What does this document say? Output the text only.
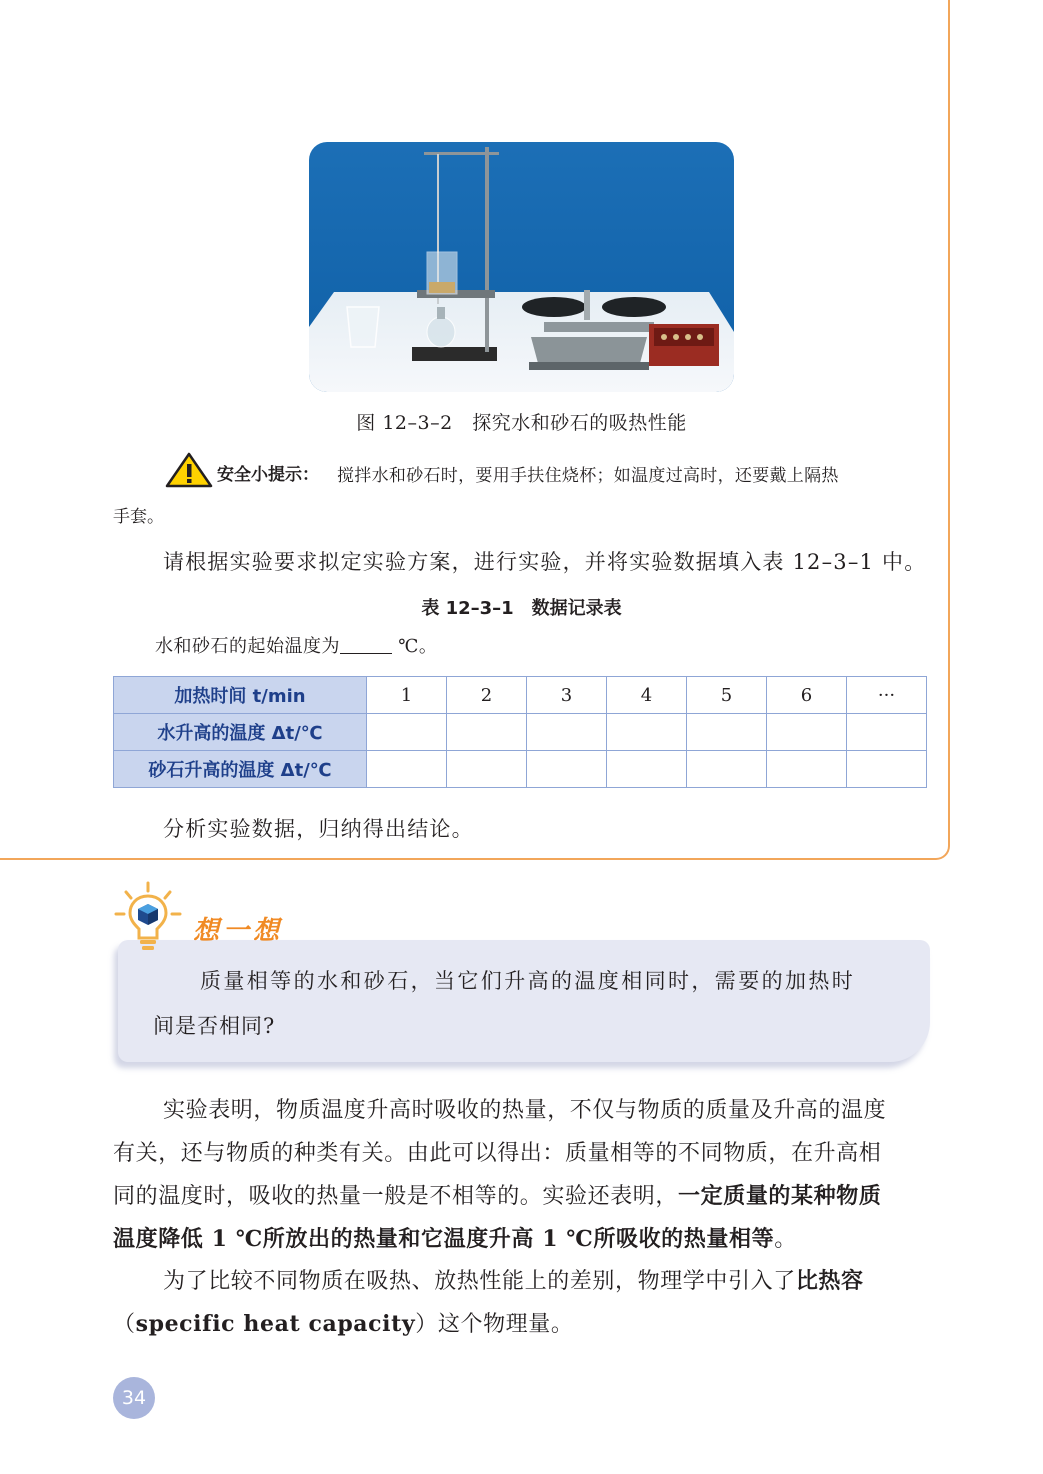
图 12–3–2　探究水和砂石的吸热性能
安全小提示： 搅拌水和砂石时，要用手扶住烧杯；如温度过高时，还要戴上隔热
手套。
请根据实验要求拟定实验方案，进行实验，并将实验数据填入表 12–3–1 中。
表 12–3–1　数据记录表
水和砂石的起始温度为	℃。
加热时间 t/min	1	2	3	4	5	6	···
水升高的温度 Δt/℃							
砂石升高的温度 Δt/℃							
分析实验数据，归纳得出结论。
想一想
质量相等的水和砂石，当它们升高的温度相同时，需要的加热时
间是否相同?
实验表明，物质温度升高时吸收的热量，不仅与物质的质量及升高的温度
有关，还与物质的种类有关。由此可以得出：质量相等的不同物质，在升高相
同的温度时，吸收的热量一般是不相等的。实验还表明，一定质量的某种物质
温度降低 1 ℃所放出的热量和它温度升高 1 ℃所吸收的热量相等。
为了比较不同物质在吸热、放热性能上的差别，物理学中引入了比热容
（specific heat capacity）这个物理量。
34
